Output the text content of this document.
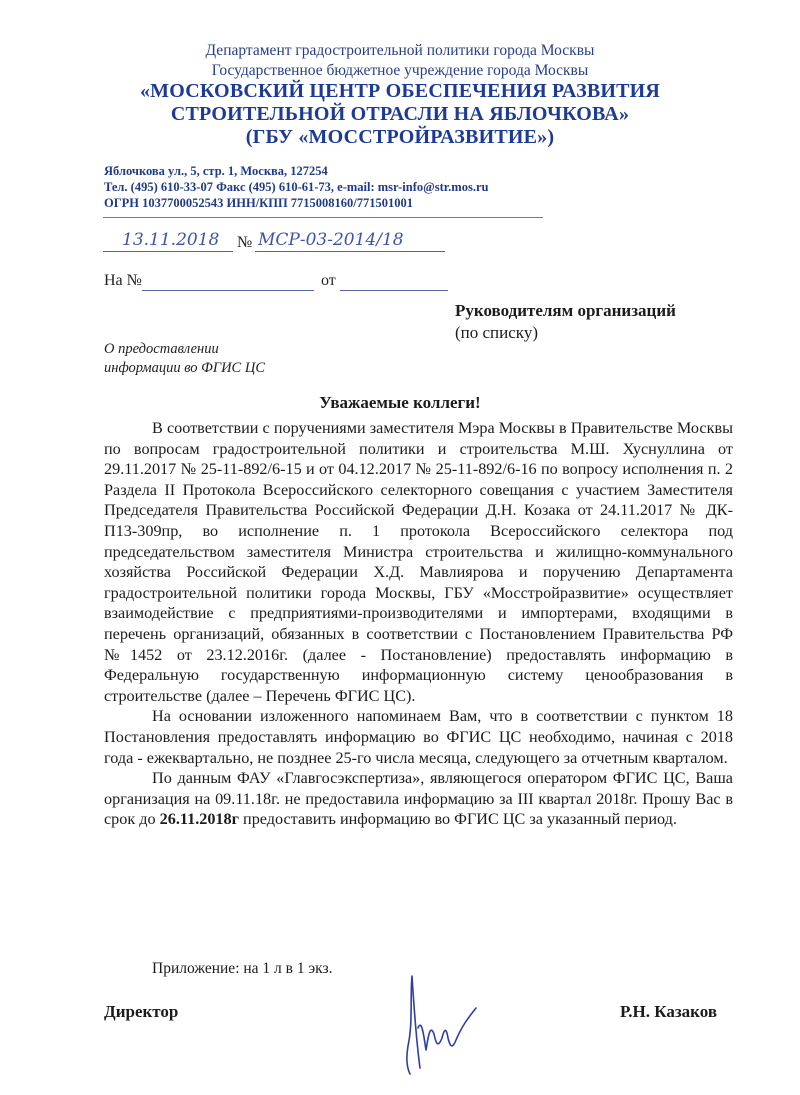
Департамент градостроительной политики города Москвы
Государственное бюджетное учреждение города Москвы
«МОСКОВСКИЙ ЦЕНТР ОБЕСПЕЧЕНИЯ РАЗВИТИЯ
СТРОИТЕЛЬНОЙ ОТРАСЛИ НА ЯБЛОЧКОВА»
(ГБУ «МОССТРОЙРАЗВИТИЕ»)
Яблочкова ул., 5, стр. 1, Москва, 127254
Тел. (495) 610-33-07 Факс (495) 610-61-73, e-mail: msr-info@str.mos.ru
ОГРН 1037700052543 ИНН/КПП 7715008160/771501001
13.11.2018 № МСР-03-2014/18
На №	от
Руководителям организаций
(по списку)
О предоставлении
информации во ФГИС ЦС
Уважаемые коллеги!

В соответствии с поручениями заместителя Мэра Москвы в Правительстве Москвы по вопросам градостроительной политики и строительства М.Ш. Хуснуллина от 29.11.2017 № 25-11-892/6-15 и от 04.12.2017 № 25-11-892/6-16 по вопросу исполнения п. 2 Раздела II Протокола Всероссийского селекторного совещания с участием Заместителя Председателя Правительства Российской Федерации Д.Н. Козака от 24.11.2017 № ДК-П13-309пр, во исполнение п. 1 протокола Всероссийского селектора под председательством заместителя Министра строительства и жилищно-коммунального хозяйства Российской Федерации Х.Д. Мавлиярова и поручению Департамента градостроительной политики города Москвы, ГБУ «Мосстройразвитие» осуществляет взаимодействие с предприятиями-производителями и импортерами, входящими в перечень организаций, обязанных в соответствии с Постановлением Правительства РФ №1452 от 23.12.2016г. (далее - Постановление) предоставлять информацию в Федеральную государственную информационную систему ценообразования в строительстве (далее – Перечень ФГИС ЦС).

На основании изложенного напоминаем Вам, что в соответствии с пунктом 18 Постановления предоставлять информацию во ФГИС ЦС необходимо, начиная с 2018 года - ежеквартально, не позднее 25-го числа месяца, следующего за отчетным кварталом.

По данным ФАУ «Главгосэкспертиза», являющегося оператором ФГИС ЦС, Ваша организация на 09.11.18г. не предоставила информацию за III квартал 2018г. Прошу Вас в срок до 26.11.2018г предоставить информацию во ФГИС ЦС за указанный период.

Приложение: на 1 л в 1 экз.
Директор	Р.Н. Казаков
